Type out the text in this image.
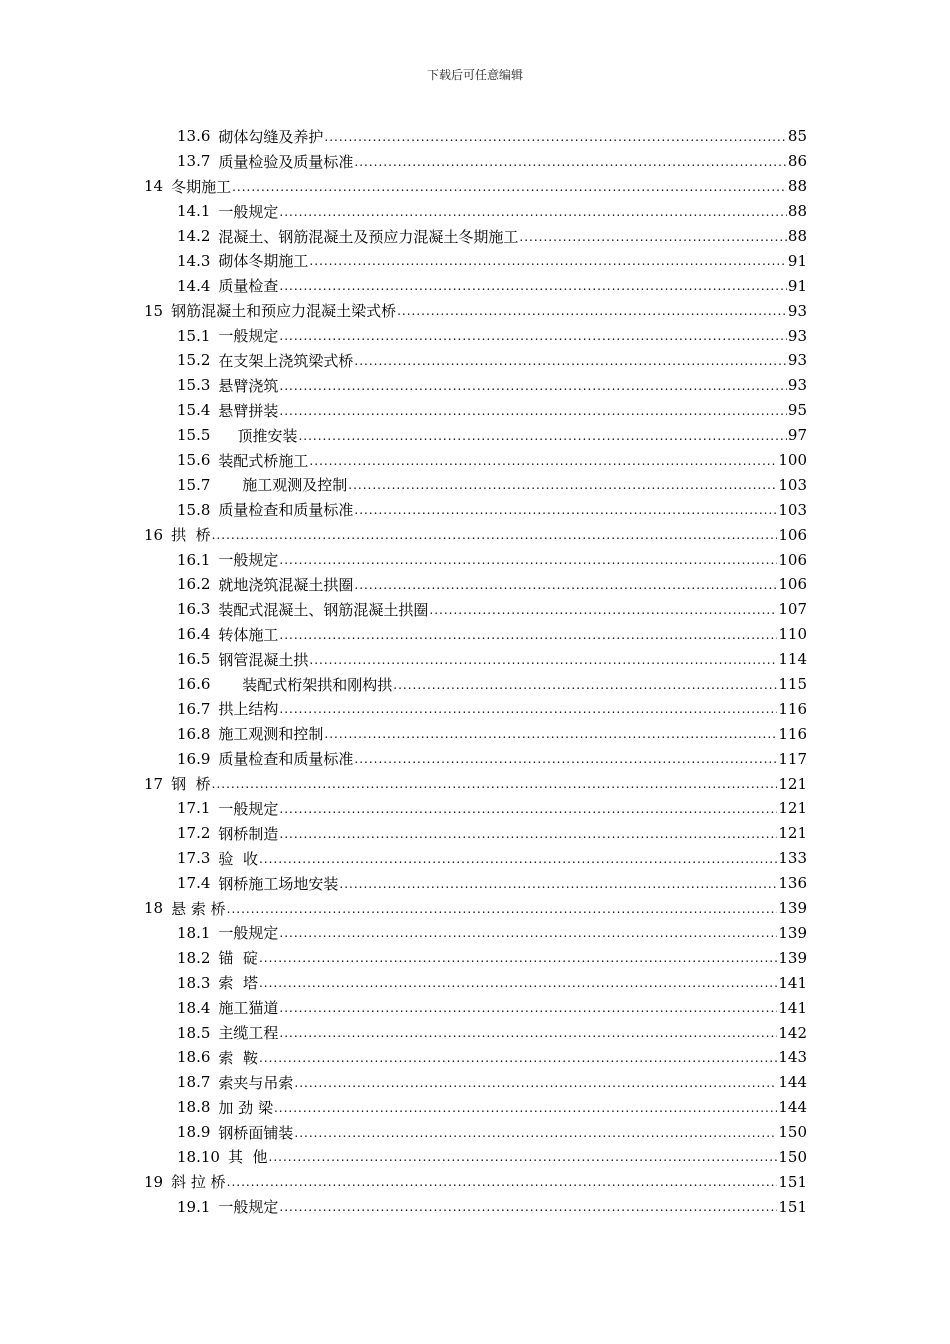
下载后可任意编辑
13.6 砌体勾缝及养护 .....	85
13.7 质量检验及质量标准 .....	86
14 冬期施工 .....	88
14.1 一般规定 .....	88
14.2 混凝土、钢筋混凝土及预应力混凝土冬期施工 .....	88
14.3 砌体冬期施工 .....	91
14.4 质量检查 .....	91
15 钢筋混凝土和预应力混凝土梁式桥 .....	93
15.1 一般规定 .....	93
15.2 在支架上浇筑梁式桥 .....	93
15.3 悬臂浇筑 .....	93
15.4 悬臂拼装 .....	95
15.5 顶推安装 .....	97
15.6 装配式桥施工 .....	100
15.7 施工观测及控制 .....	103
15.8 质量检查和质量标准 .....	103
16 拱  桥 .....	106
16.1 一般规定 .....	106
16.2 就地浇筑混凝土拱圈 .....	106
16.3 装配式混凝土、钢筋混凝土拱圈 .....	107
16.4 转体施工 .....	110
16.5 钢管混凝土拱 .....	114
16.6 装配式桁架拱和刚构拱 .....	115
16.7 拱上结构 .....	116
16.8 施工观测和控制 .....	116
16.9 质量检查和质量标准 .....	117
17 钢  桥 .....	121
17.1 一般规定 .....	121
17.2 钢桥制造 .....	121
17.3 验  收 .....	133
17.4 钢桥施工场地安装 .....	136
18 悬 索 桥 .....	139
18.1 一般规定 .....	139
18.2 锚  碇 .....	139
18.3 索  塔 .....	141
18.4 施工猫道 .....	141
18.5 主缆工程 .....	142
18.6 索  鞍 .....	143
18.7 索夹与吊索 .....	144
18.8 加 劲 梁 .....	144
18.9 钢桥面铺装 .....	150
18.10 其  他 .....	150
19 斜 拉 桥 .....	151
19.1 一般规定 .....	151
